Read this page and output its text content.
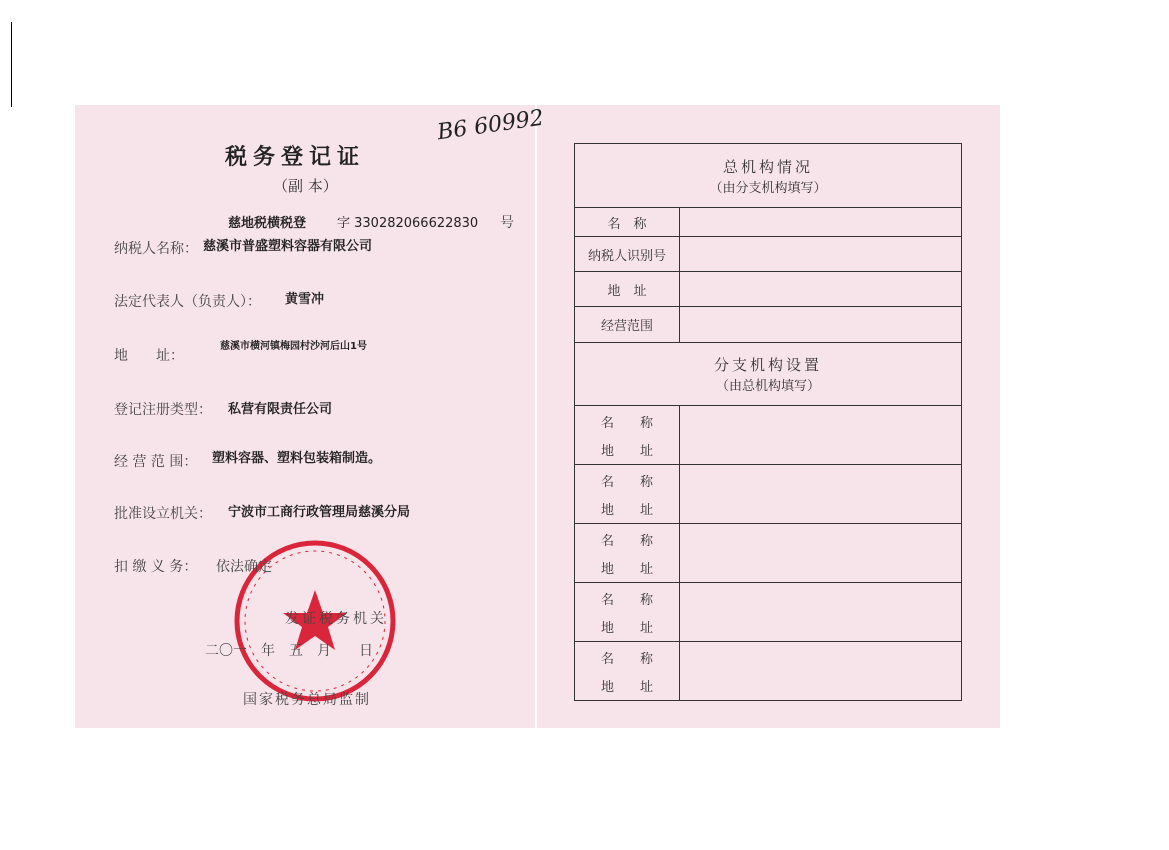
B6 60992
税务登记证
（副 本）
慈地税横税登 字 330282066622830 号
纳税人名称： 慈溪市普盛塑料容器有限公司
法定代表人（负责人）： 黄雪冲
地　　址：
慈溪市横河镇梅园村沙河后山1号
登记注册类型： 私营有限责任公司
经 营 范 围： 塑料容器、塑料包装箱制造。
批准设立机关： 宁波市工商行政管理局慈溪分局
扣 缴 义 务： 依法确定
发证税务机关
二〇一　年　五　月　　日
国家税务总局监制
总机构情况
（由分支机构填写）	

名　称	
纳税人识别号	
地　址	
经营范围	

分支机构设置
（由总机构填写）	

名　　称
地　　址	

名　　称
地　　址	

名　　称
地　　址	

名　　称
地　　址	

名　　称
地　　址	
